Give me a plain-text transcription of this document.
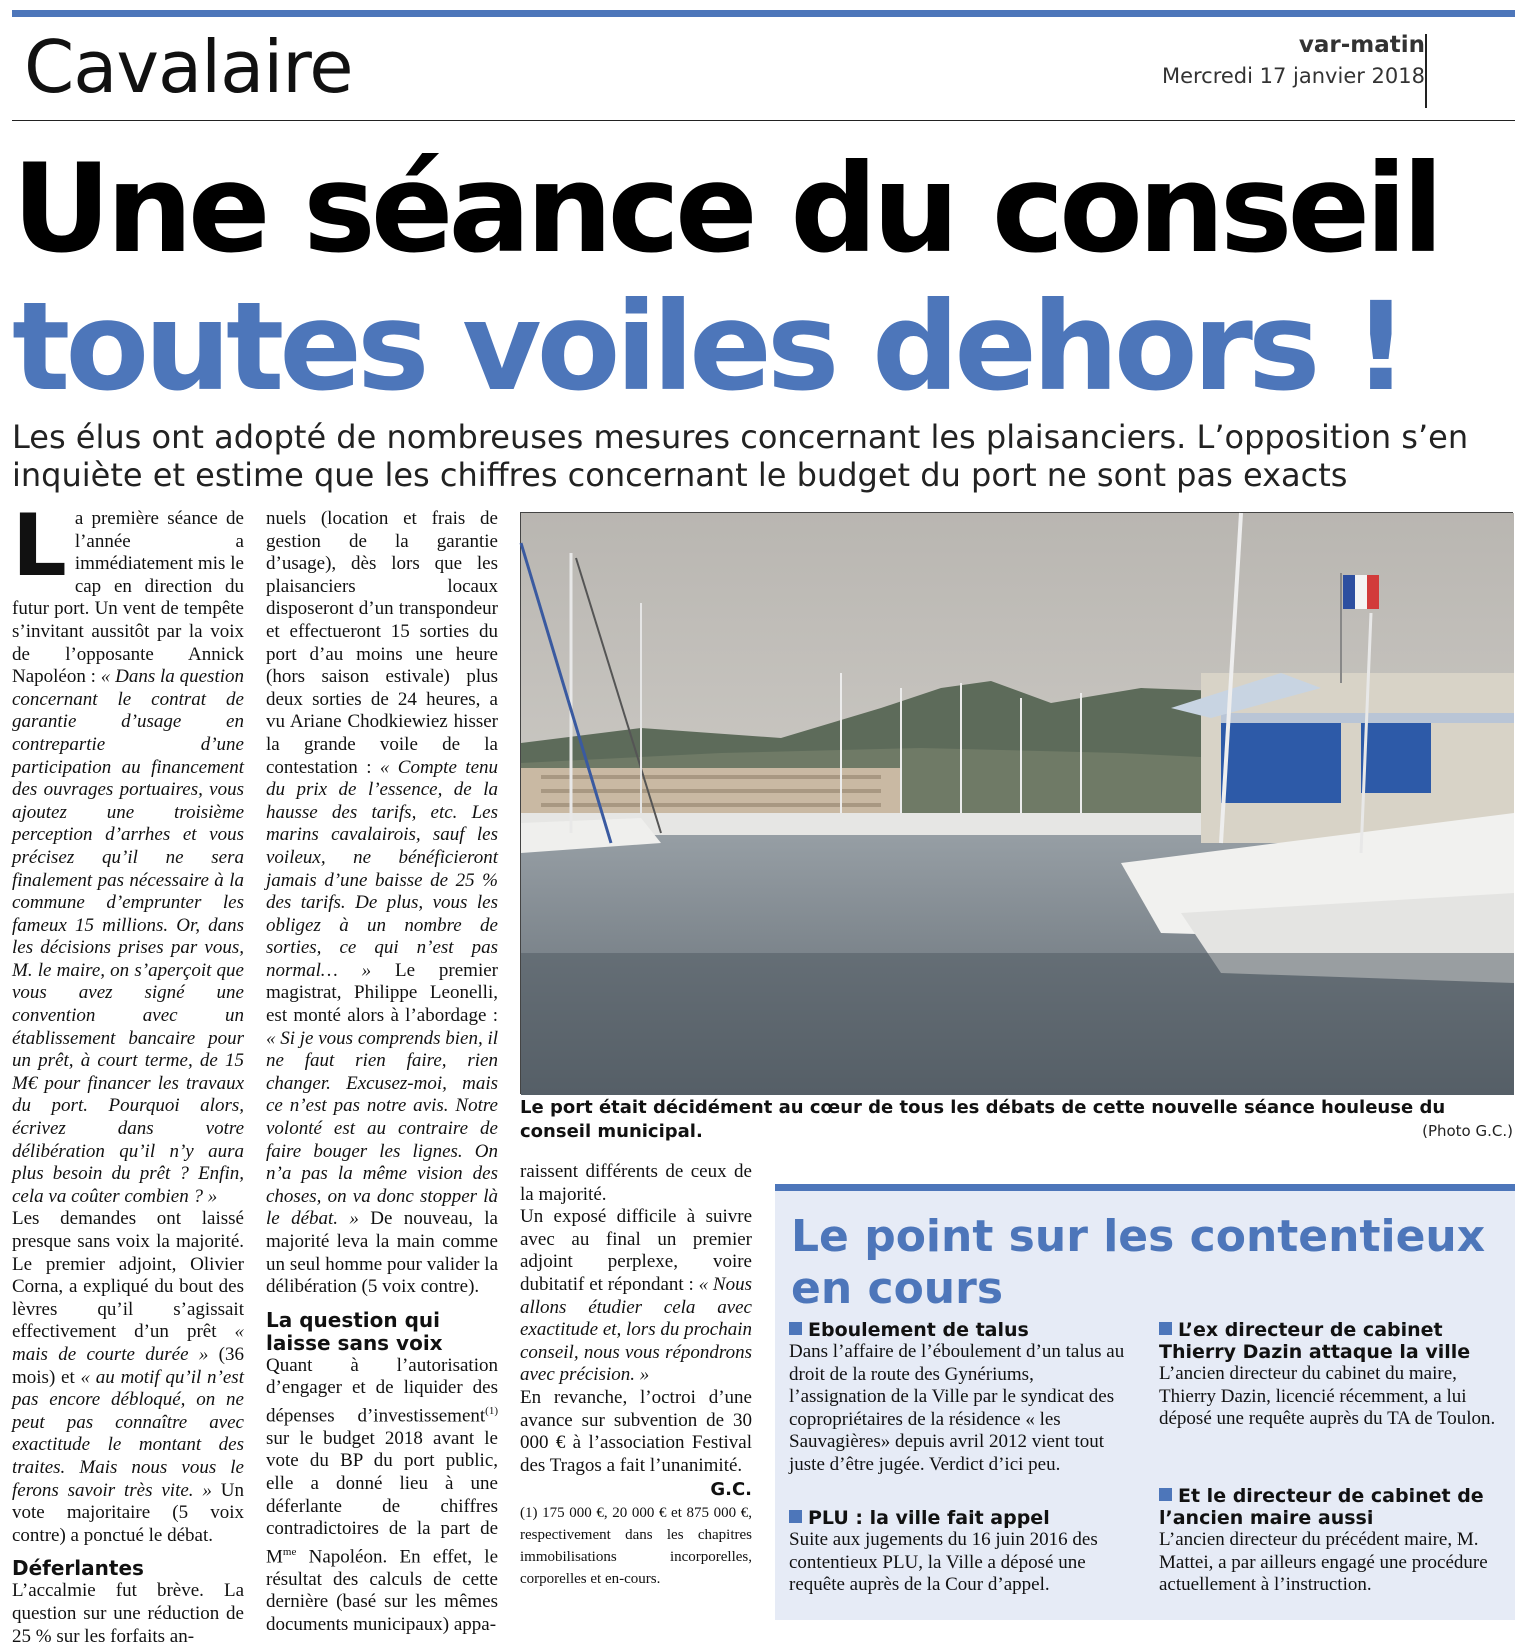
Cavalaire	var-matin
Mercredi 17 janvier 2018
Une séance du conseil
toutes voiles dehors !
Les élus ont adopté de nombreuses mesures concernant les plaisanciers. L’opposition s’en inquiète et estime que les chiffres concernant le budget du port ne sont pas exacts

La première séance de l’année a immédiatement mis le cap en direction du futur port. Un vent de tempête s’invitant aussitôt par la voix de l’opposante Annick Napoléon : « Dans la question concernant le contrat de garantie d’usage en contrepartie d’une participation au financement des ouvrages portuaires, vous ajoutez une troisième perception d’arrhes et vous précisez qu’il ne sera finalement pas nécessaire à la commune d’emprunter les fameux 15 millions. Or, dans les décisions prises par vous, M. le maire, on s’aperçoit que vous avez signé une convention avec un établissement bancaire pour un prêt, à court terme, de 15 M€ pour financer les travaux du port. Pourquoi alors, écrivez dans votre délibération qu’il n’y aura plus besoin du prêt ? Enfin, cela va coûter combien ? »

Les demandes ont laissé presque sans voix la majorité. Le premier adjoint, Olivier Corna, a expliqué du bout des lèvres qu’il s’agissait effectivement d’un prêt « mais de courte durée » (36 mois) et « au motif qu’il n’est pas encore débloqué, on ne peut pas connaître avec exactitude le montant des traites. Mais nous vous le ferons savoir très vite. » Un vote majoritaire (5 voix contre) a ponctué le débat.

Déferlantes

L’accalmie fut brève. La question sur une réduction de 25 % sur les forfaits an-

nuels (location et frais de gestion de la garantie d’usage), dès lors que les plaisanciers locaux disposeront d’un transpondeur et effectueront 15 sorties du port d’au moins une heure (hors saison estivale) plus deux sorties de 24 heures, a vu Ariane Chodkiewiez hisser la grande voile de la contestation : « Compte tenu du prix de l’essence, de la hausse des tarifs, etc. Les marins cavalairois, sauf les voileux, ne bénéficieront jamais d’une baisse de 25 % des tarifs. De plus, vous les obligez à un nombre de sorties, ce qui n’est pas normal… » Le premier magistrat, Philippe Leonelli, est monté alors à l’abordage : « Si je vous comprends bien, il ne faut rien faire, rien changer. Excusez-moi, mais ce n’est pas notre avis. Notre volonté est au contraire de faire bouger les lignes. On n’a pas la même vision des choses, on va donc stopper là le débat. » De nouveau, la majorité leva la main comme un seul homme pour valider la délibération (5 voix contre).

La question qui laisse sans voix

Quant à l’autorisation d’engager et de liquider des dépenses d’investissement$^{(1)}$ sur le budget 2018 avant le vote du BP du port public, elle a donné lieu à une déferlante de chiffres contradictoires de la part de $M^{me}$ Napoléon. En effet, le résultat des calculs de cette dernière (basé sur les mêmes documents municipaux) appa-

Le port était décidément au cœur de tous les débats de cette nouvelle séance houleuse du conseil municipal.	(Photo G.C.)

raissent différents de ceux de la majorité.

Un exposé difficile à suivre avec au final un premier adjoint perplexe, voire dubitatif et répondant : « Nous allons étudier cela avec exactitude et, lors du prochain conseil, nous vous répondrons avec précision. »

En revanche, l’octroi d’une avance sur subvention de 30 000 € à l’association Festival des Tragos a fait l’unanimité.

G.C.

(1) 175 000 €, 20 000 € et 875 000 €, respectivement dans les chapitres immobilisations incorporelles, corporelles et en-cours.

Le point sur les contentieux en cours
Eboulement de talus

Dans l’affaire de l’éboulement d’un talus au droit de la route des Gynériums, l’assignation de la Ville par le syndicat des copropriétaires de la résidence « les Sauvagières» depuis avril 2012 vient tout juste d’être jugée. Verdict d’ici peu.

PLU : la ville fait appel

Suite aux jugements du 16 juin 2016 des contentieux PLU, la Ville a déposé une requête auprès de la Cour d’appel.

L’ex directeur de cabinet Thierry Dazin attaque la ville

L’ancien directeur du cabinet du maire, Thierry Dazin, licencié récemment, a lui déposé une requête auprès du TA de Toulon.

Et le directeur de cabinet de l’ancien maire aussi

L’ancien directeur du précédent maire, M. Mattei, a par ailleurs engagé une procédure actuellement à l’instruction.
